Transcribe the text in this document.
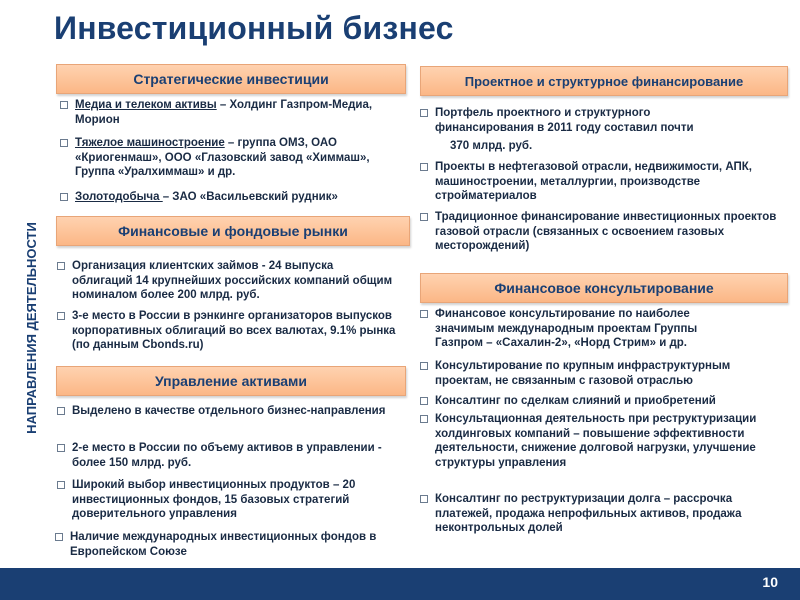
Инвестиционный бизнес
НАПРАВЛЕНИЯ ДЕЯТЕЛЬНОСТИ
Стратегические инвестиции
Медиа и телеком активы – Холдинг Газпром-Медиа, Морион
Тяжелое машиностроение – группа ОМЗ, ОАО «Криогенмаш», ООО «Глазовский завод «Химмаш», Группа «Уралхиммаш» и др.
Золотодобыча – ЗАО «Васильевский рудник»
Финансовые и фондовые рынки
Организация клиентских займов - 24 выпуска облигаций 14 крупнейших российских компаний общим номиналом более 200 млрд. руб.
3-е место в России в рэнкинге организаторов выпусков корпоративных облигаций во всех валютах, 9.1% рынка (по данным Cbonds.ru)
Управление активами
Выделено в качестве отдельного бизнес-направления
2-е место в России по объему активов в управлении - более 150 млрд. руб.
Широкий выбор инвестиционных продуктов – 20 инвестиционных фондов, 15 базовых стратегий доверительного управления
Наличие международных инвестиционных фондов в Европейском Союзе
Проектное и структурное финансирование
Портфель проектного и структурного финансирования в 2011 году составил почти
370 млрд. руб.
Проекты в нефтегазовой отрасли, недвижимости, АПК, машиностроении, металлургии, производстве стройматериалов
Традиционное финансирование инвестиционных проектов газовой отрасли (связанных с освоением газовых месторождений)
Финансовое консультирование
Финансовое консультирование по наиболее значимым международным проектам Группы Газпром – «Сахалин-2», «Норд Стрим» и др.
Консультирование по крупным инфраструктурным проектам, не связанным с газовой отраслью
Консалтинг по сделкам слияний и приобретений
Консультационная деятельность при реструктуризации холдинговых компаний – повышение эффективности деятельности, снижение долговой нагрузки, улучшение структуры управления
Консалтинг по реструктуризации долга – рассрочка платежей, продажа непрофильных активов, продажа неконтрольных долей
10
